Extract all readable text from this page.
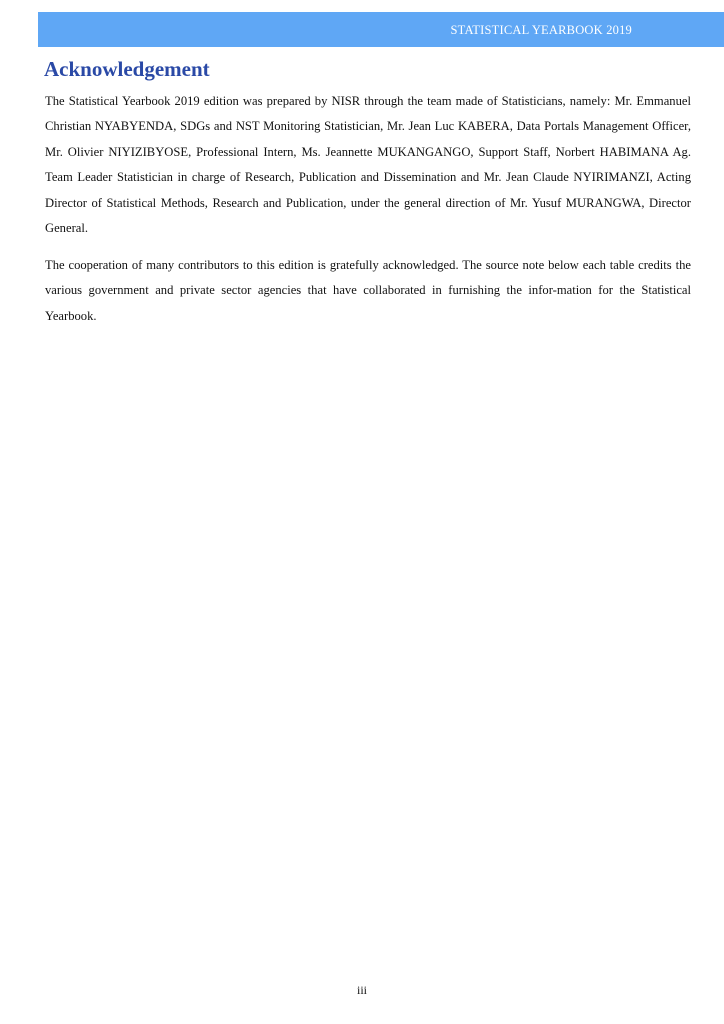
STATISTICAL YEARBOOK 2019
Acknowledgement

The Statistical Yearbook 2019 edition was prepared by NISR through the team made of Statisticians, namely: Mr. Emmanuel Christian NYABYENDA, SDGs and NST Monitoring Statistician, Mr. Jean Luc KABERA, Data Portals Management Officer, Mr. Olivier NIYIZIBYOSE, Professional Intern, Ms. Jeannette MUKANGANGO, Support Staff, Norbert HABIMANA Ag. Team Leader Statistician in charge of Research, Publication and Dissemination and Mr. Jean Claude NYIRIMANZI, Acting Director of Statistical Methods, Research and Publication, under the general direction of Mr. Yusuf MURANGWA, Director General.

The cooperation of many contributors to this edition is gratefully acknowledged. The source note below each table credits the various government and private sector agencies that have collaborated in furnishing the infor-mation for the Statistical Yearbook.

iii
